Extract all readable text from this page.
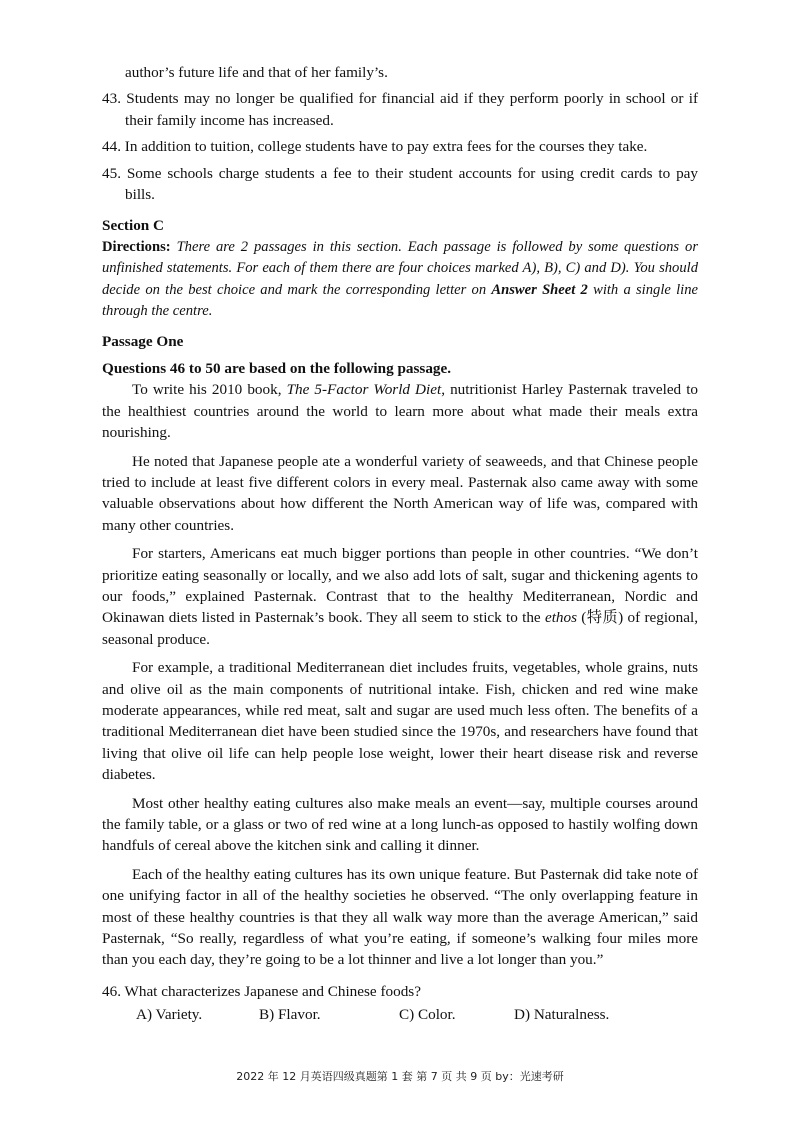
author’s future life and that of her family’s.

43. Students may no longer be qualified for financial aid if they perform poorly in school or if their family income has increased.

44. In addition to tuition, college students have to pay extra fees for the courses they take.

45. Some schools charge students a fee to their student accounts for using credit cards to pay bills.

Section C

Directions: There are 2 passages in this section. Each passage is followed by some questions or unfinished statements. For each of them there are four choices marked A), B), C) and D). You should decide on the best choice and mark the corresponding letter on Answer Sheet 2 with a single line through the centre.

Passage One

Questions 46 to 50 are based on the following passage.

To write his 2010 book, The 5-Factor World Diet, nutritionist Harley Pasternak traveled to the healthiest countries around the world to learn more about what made their meals extra nourishing.

He noted that Japanese people ate a wonderful variety of seaweeds, and that Chinese people tried to include at least five different colors in every meal. Pasternak also came away with some valuable observations about how different the North American way of life was, compared with many other countries.

For starters, Americans eat much bigger portions than people in other countries. “We don’t prioritize eating seasonally or locally, and we also add lots of salt, sugar and thickening agents to our foods,” explained Pasternak. Contrast that to the healthy Mediterranean, Nordic and Okinawan diets listed in Pasternak’s book. They all seem to stick to the ethos (特质) of regional, seasonal produce.

For example, a traditional Mediterranean diet includes fruits, vegetables, whole grains, nuts and olive oil as the main components of nutritional intake. Fish, chicken and red wine make moderate appearances, while red meat, salt and sugar are used much less often. The benefits of a traditional Mediterranean diet have been studied since the 1970s, and researchers have found that living that olive oil life can help people lose weight, lower their heart disease risk and reverse diabetes.

Most other healthy eating cultures also make meals an event—say, multiple courses around the family table, or a glass or two of red wine at a long lunch-as opposed to hastily wolfing down handfuls of cereal above the kitchen sink and calling it dinner.

Each of the healthy eating cultures has its own unique feature. But Pasternak did take note of one unifying factor in all of the healthy societies he observed. “The only overlapping feature in most of these healthy countries is that they all walk way more than the average American,” said Pasternak, “So really, regardless of what you’re eating, if someone’s walking four miles more than you each day, they’re going to be a lot thinner and live a lot longer than you.”

46. What characterizes Japanese and Chinese foods?

A) Variety.	B) Flavor.	C) Color.	D) Naturalness.
2022 年 12 月英语四级真题第 1 套 第 7 页 共 9 页 by：光速考研
